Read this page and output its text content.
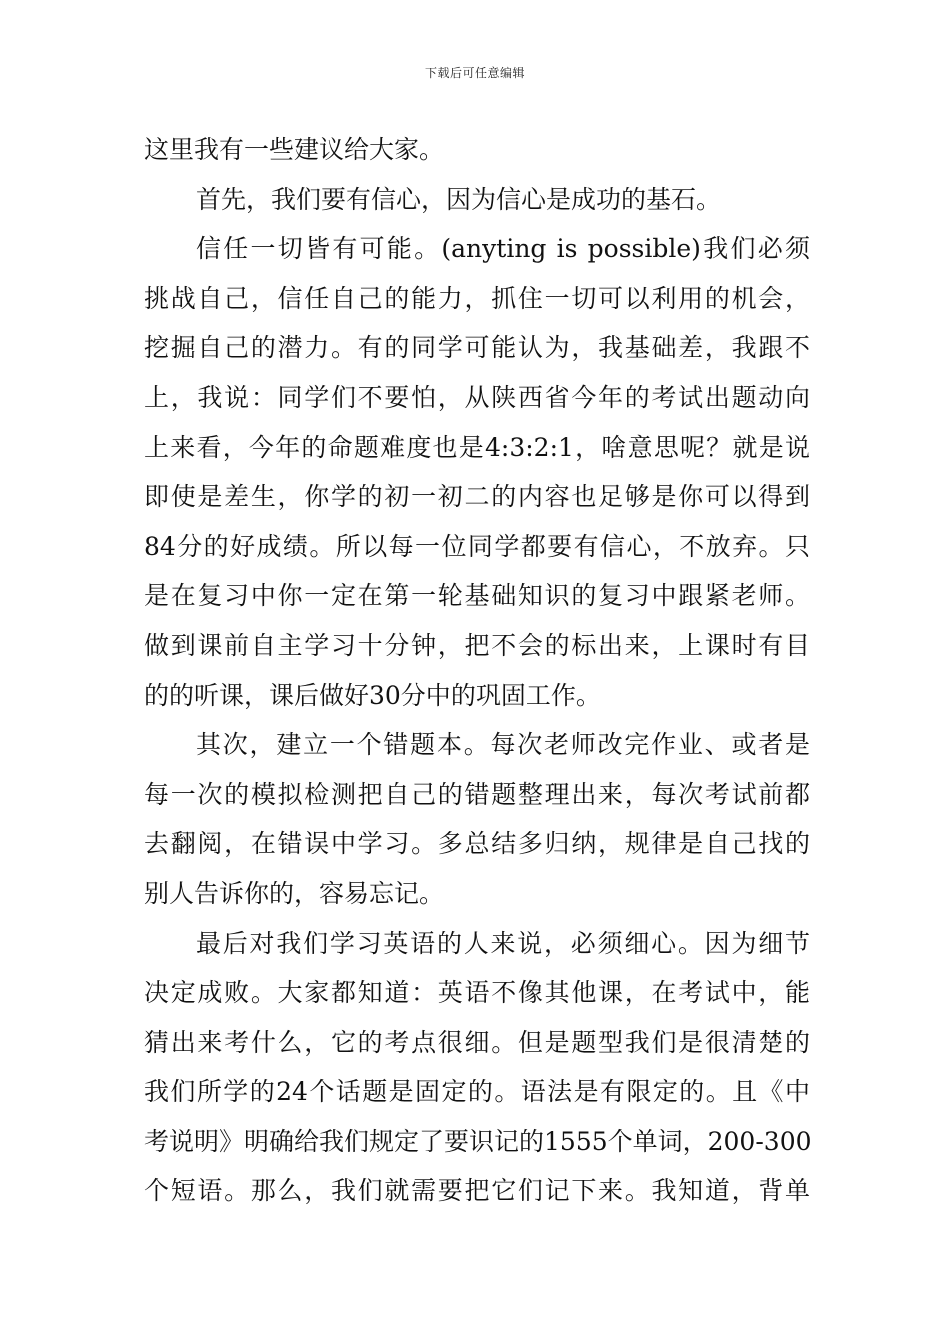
下载后可任意编辑
这里我有一些建议给大家。
首先，我们要有信心，因为信心是成功的基石。
信任一切皆有可能。(anyting is possible)我们必须
挑战自己，信任自己的能力，抓住一切可以利用的机会，
挖掘自己的潜力。有的同学可能认为，我基础差，我跟不
上，我说：同学们不要怕，从陕西省今年的考试出题动向
上来看，今年的命题难度也是4:3:2:1，啥意思呢？就是说
即使是差生，你学的初一初二的内容也足够是你可以得到
84分的好成绩。所以每一位同学都要有信心，不放弃。只
是在复习中你一定在第一轮基础知识的复习中跟紧老师。
做到课前自主学习十分钟，把不会的标出来，上课时有目
的的听课，课后做好30分中的巩固工作。
其次，建立一个错题本。每次老师改完作业、或者是
每一次的模拟检测把自己的错题整理出来，每次考试前都
去翻阅，在错误中学习。多总结多归纳，规律是自己找的
别人告诉你的，容易忘记。
最后对我们学习英语的人来说，必须细心。因为细节
决定成败。大家都知道：英语不像其他课，在考试中，能
猜出来考什么，它的考点很细。但是题型我们是很清楚的
我们所学的24个话题是固定的。语法是有限定的。且《中
考说明》明确给我们规定了要识记的1555个单词，200-300
个短语。那么，我们就需要把它们记下来。我知道，背单
